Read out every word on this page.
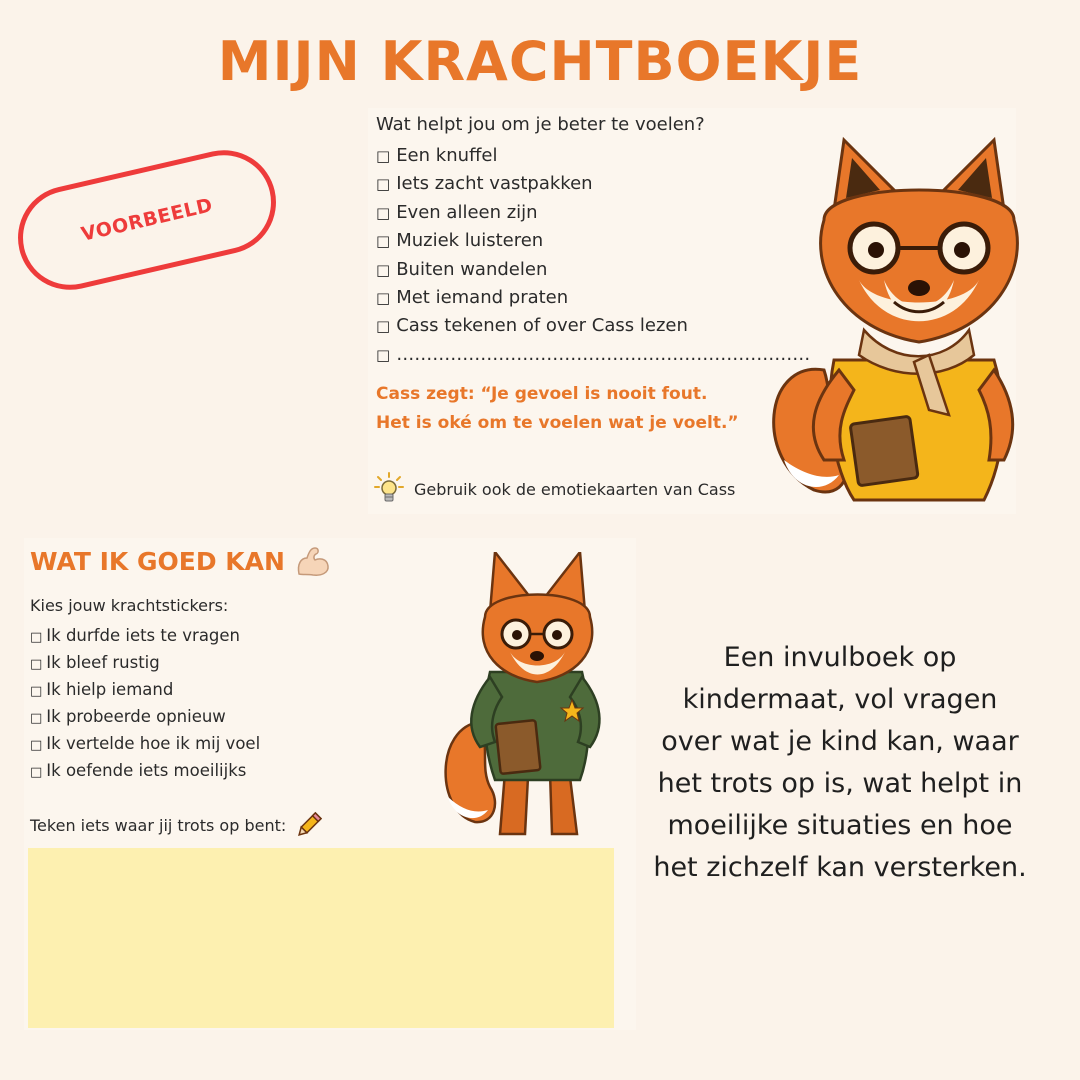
MIJN KRACHTBOEKJE
VOORBEELD
Wat helpt jou om je beter te voelen?
□ Een knuffel
□ Iets zacht vastpakken
□ Even alleen zijn
□ Muziek luisteren
□ Buiten wandelen
□ Met iemand praten
□ Cass tekenen of over Cass lezen
□ ……………………………………………………………
Cass zegt: “Je gevoel is nooit fout.
Het is oké om te voelen wat je voelt.”
Gebruik ook de emotiekaarten van Cass
WAT IK GOED KAN
Kies jouw krachtstickers:
□ Ik durfde iets te vragen
□ Ik bleef rustig
□ Ik hielp iemand
□ Ik probeerde opnieuw
□ Ik vertelde hoe ik mij voel
□ Ik oefende iets moeilijks
Teken iets waar jij trots op bent:

Een invulboek op kindermaat, vol vragen over wat je kind kan, waar het trots op is, wat helpt in moeilijke situaties en hoe het zichzelf kan versterken.
